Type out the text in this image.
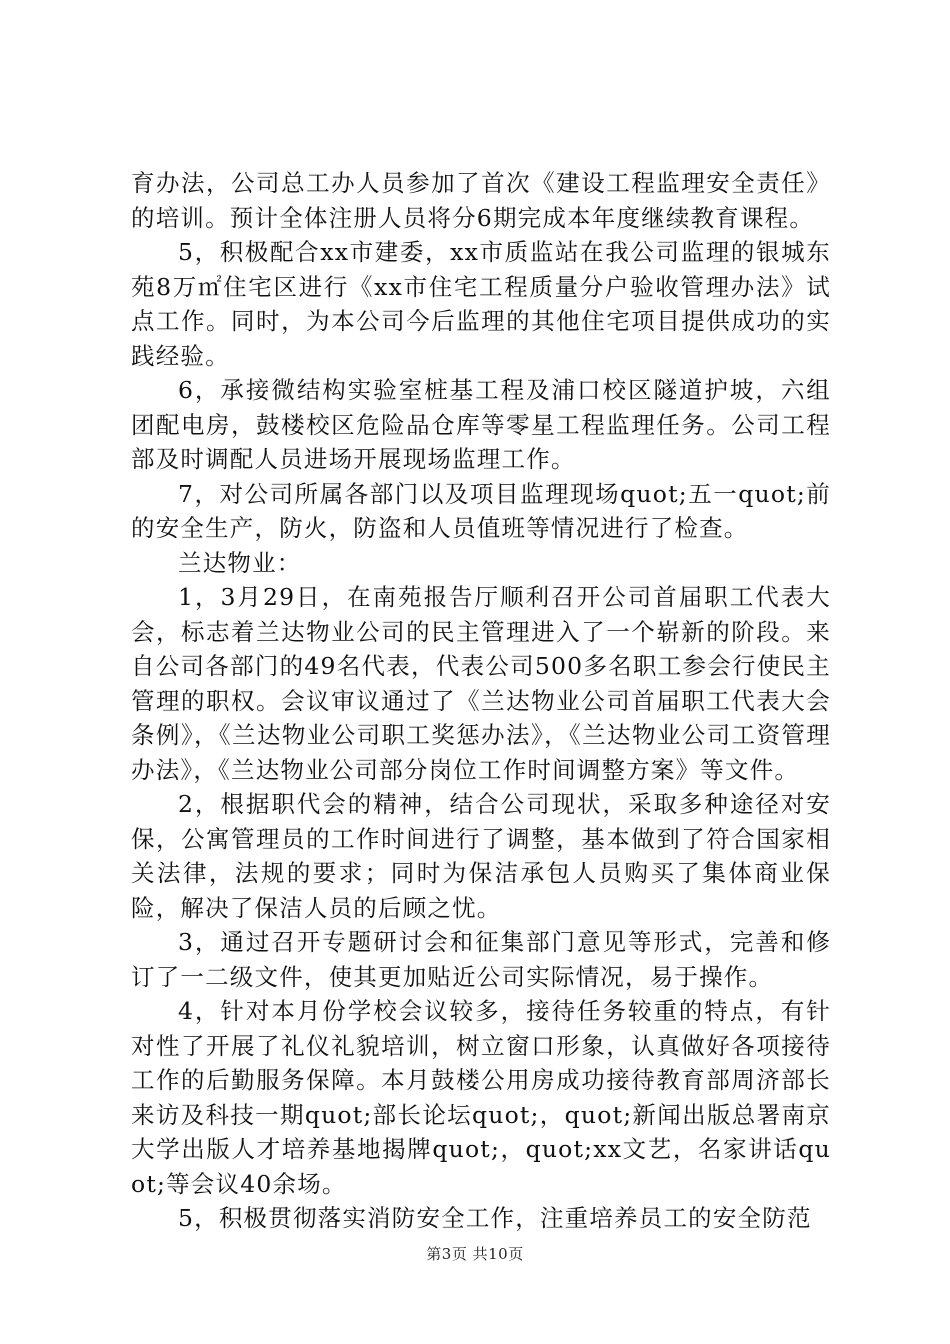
育办法，公司总工办人员参加了首次《建设工程监理安全责任》的培训。预计全体注册人员将分6期完成本年度继续教育课程。

5，积极配合xx市建委，xx市质监站在我公司监理的银城东苑8万㎡住宅区进行《xx市住宅工程质量分户验收管理办法》试点工作。同时，为本公司今后监理的其他住宅项目提供成功的实践经验。

6，承接微结构实验室桩基工程及浦口校区隧道护坡，六组团配电房，鼓楼校区危险品仓库等零星工程监理任务。公司工程部及时调配人员进场开展现场监理工作。

7，对公司所属各部门以及项目监理现场quot;五一quot;前的安全生产，防火，防盗和人员值班等情况进行了检查。

兰达物业：

1，3月29日，在南苑报告厅顺利召开公司首届职工代表大会，标志着兰达物业公司的民主管理进入了一个崭新的阶段。来自公司各部门的49名代表，代表公司500多名职工参会行使民主管理的职权。会议审议通过了《兰达物业公司首届职工代表大会条例》，《兰达物业公司职工奖惩办法》，《兰达物业公司工资管理办法》，《兰达物业公司部分岗位工作时间调整方案》等文件。

2，根据职代会的精神，结合公司现状，采取多种途径对安保，公寓管理员的工作时间进行了调整，基本做到了符合国家相关法律，法规的要求；同时为保洁承包人员购买了集体商业保险，解决了保洁人员的后顾之忧。

3，通过召开专题研讨会和征集部门意见等形式，完善和修订了一二级文件，使其更加贴近公司实际情况，易于操作。

4，针对本月份学校会议较多，接待任务较重的特点，有针对性了开展了礼仪礼貌培训，树立窗口形象，认真做好各项接待工作的后勤服务保障。本月鼓楼公用房成功接待教育部周济部长来访及科技一期quot;部长论坛quot;，quot;新闻出版总署南京大学出版人才培养基地揭牌quot;，quot;xx文艺，名家讲话quot;等会议40余场。

5，积极贯彻落实消防安全工作，注重培养员工的安全防范

第3页 共10页
